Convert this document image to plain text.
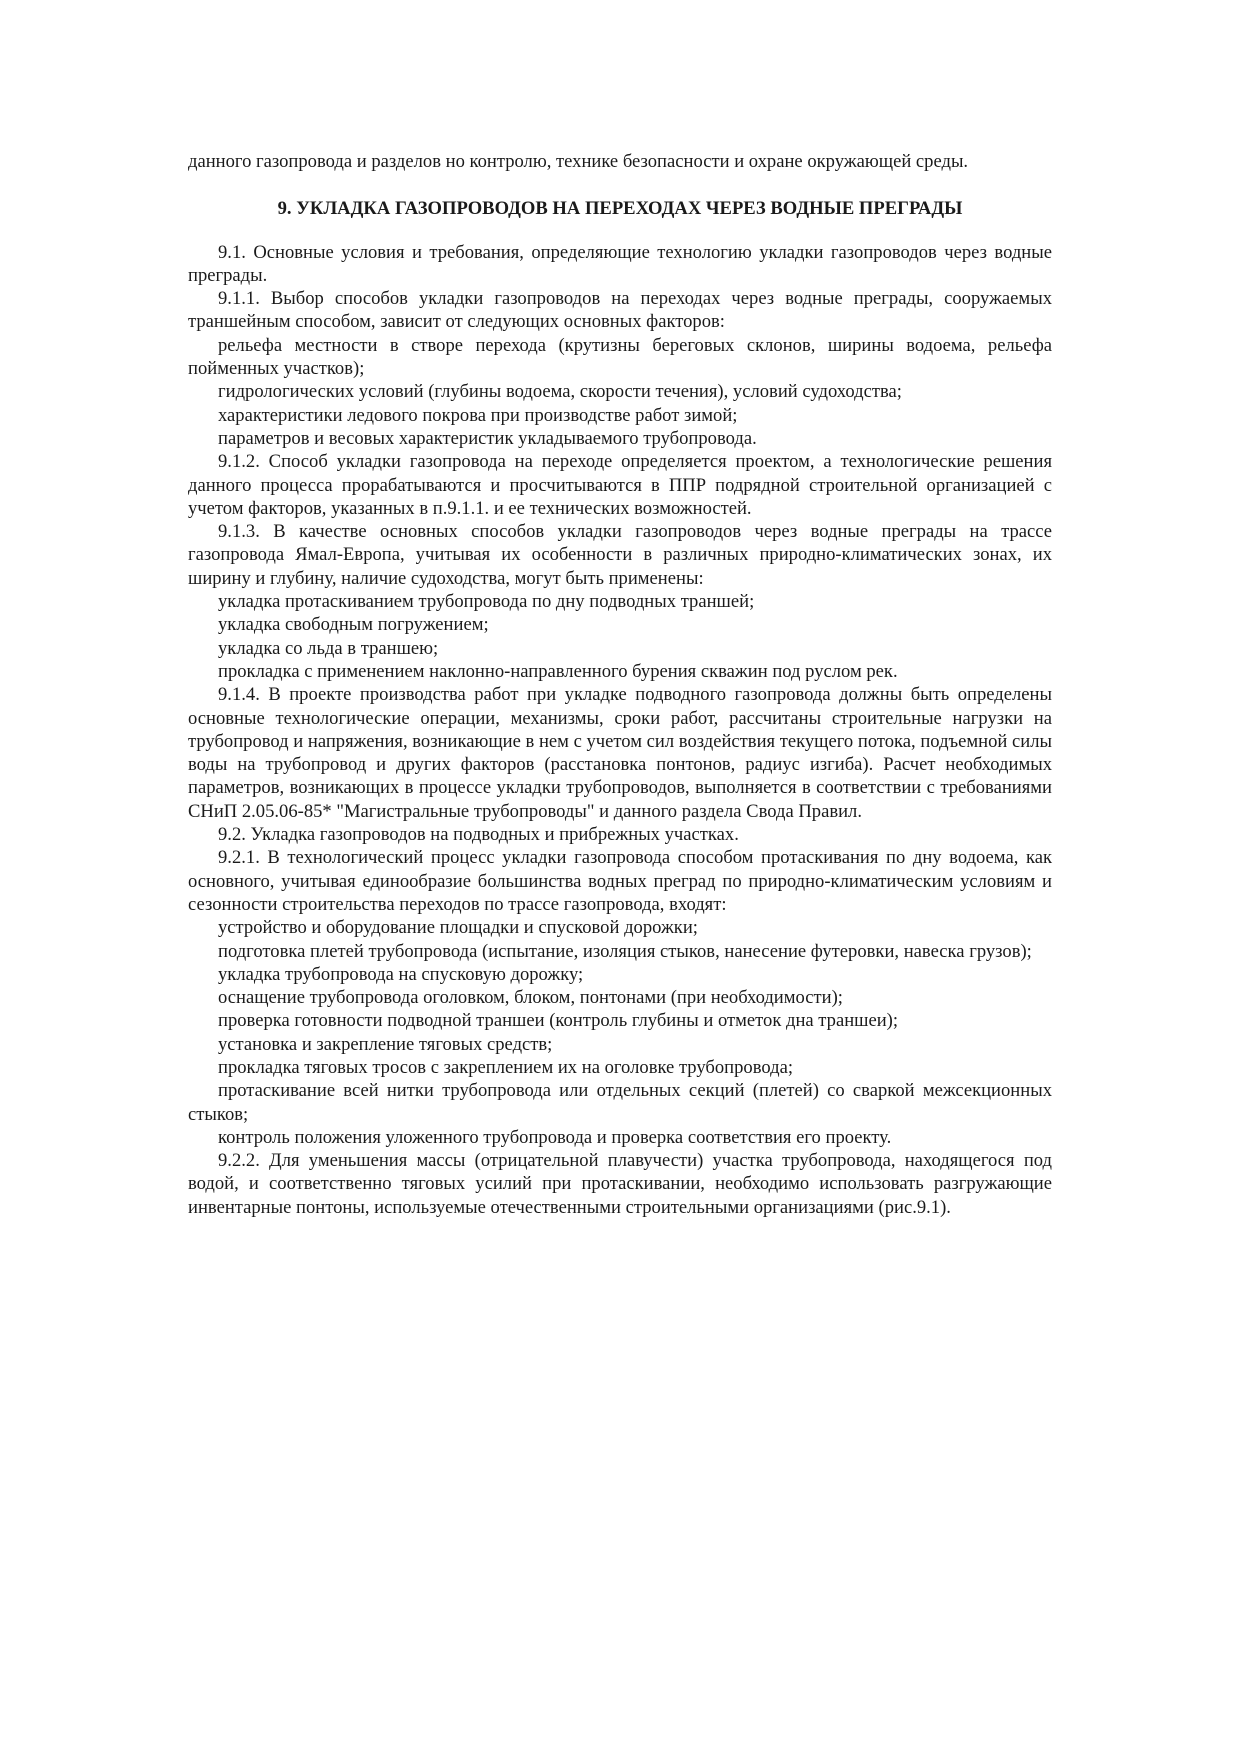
данного газопровода и разделов но контролю, технике безопасности и охране окружающей среды.

9. УКЛАДКА ГАЗОПРОВОДОВ НА ПЕРЕХОДАХ ЧЕРЕЗ ВОДНЫЕ ПРЕГРАДЫ

9.1. Основные условия и требования, определяющие технологию укладки газопроводов через водные преграды.

9.1.1. Выбор способов укладки газопроводов на переходах через водные преграды, сооружаемых траншейным способом, зависит от следующих основных факторов:

рельефа местности в створе перехода (крутизны береговых склонов, ширины водоема, рельефа пойменных участков);

гидрологических условий (глубины водоема, скорости течения), условий судоходства;

характеристики ледового покрова при производстве работ зимой;

параметров и весовых характеристик укладываемого трубопровода.

9.1.2. Способ укладки газопровода на переходе определяется проектом, а технологические решения данного процесса прорабатываются и просчитываются в ППР подрядной строительной организацией с учетом факторов, указанных в п.9.1.1. и ее технических возможностей.

9.1.3. В качестве основных способов укладки газопроводов через водные преграды на трассе газопровода Ямал-Европа, учитывая их особенности в различных природно-климатических зонах, их ширину и глубину, наличие судоходства, могут быть применены:

укладка протаскиванием трубопровода по дну подводных траншей;

укладка свободным погружением;

укладка со льда в траншею;

прокладка с применением наклонно-направленного бурения скважин под руслом рек.

9.1.4. В проекте производства работ при укладке подводного газопровода должны быть определены основные технологические операции, механизмы, сроки работ, рассчитаны строительные нагрузки на трубопровод и напряжения, возникающие в нем с учетом сил воздействия текущего потока, подъемной силы воды на трубопровод и других факторов (расстановка понтонов, радиус изгиба). Расчет необходимых параметров, возникающих в процессе укладки трубопроводов, выполняется в соответствии с требованиями СНиП 2.05.06-85* "Магистральные трубопроводы" и данного раздела Свода Правил.

9.2. Укладка газопроводов на подводных и прибрежных участках.

9.2.1. В технологический процесс укладки газопровода способом протаскивания по дну водоема, как основного, учитывая единообразие большинства водных преград по природно-климатическим условиям и сезонности строительства переходов по трассе газопровода, входят:

устройство и оборудование площадки и спусковой дорожки;

подготовка плетей трубопровода (испытание, изоляция стыков, нанесение футеровки, навеска грузов);

укладка трубопровода на спусковую дорожку;

оснащение трубопровода оголовком, блоком, понтонами (при необходимости);

проверка готовности подводной траншеи (контроль глубины и отметок дна траншеи);

установка и закрепление тяговых средств;

прокладка тяговых тросов с закреплением их на оголовке трубопровода;

протаскивание всей нитки трубопровода или отдельных секций (плетей) со сваркой межсекционных стыков;

контроль положения уложенного трубопровода и проверка соответствия его проекту.

9.2.2. Для уменьшения массы (отрицательной плавучести) участка трубопровода, находящегося под водой, и соответственно тяговых усилий при протаскивании, необходимо использовать разгружающие инвентарные понтоны, используемые отечественными строительными организациями (рис.9.1).
